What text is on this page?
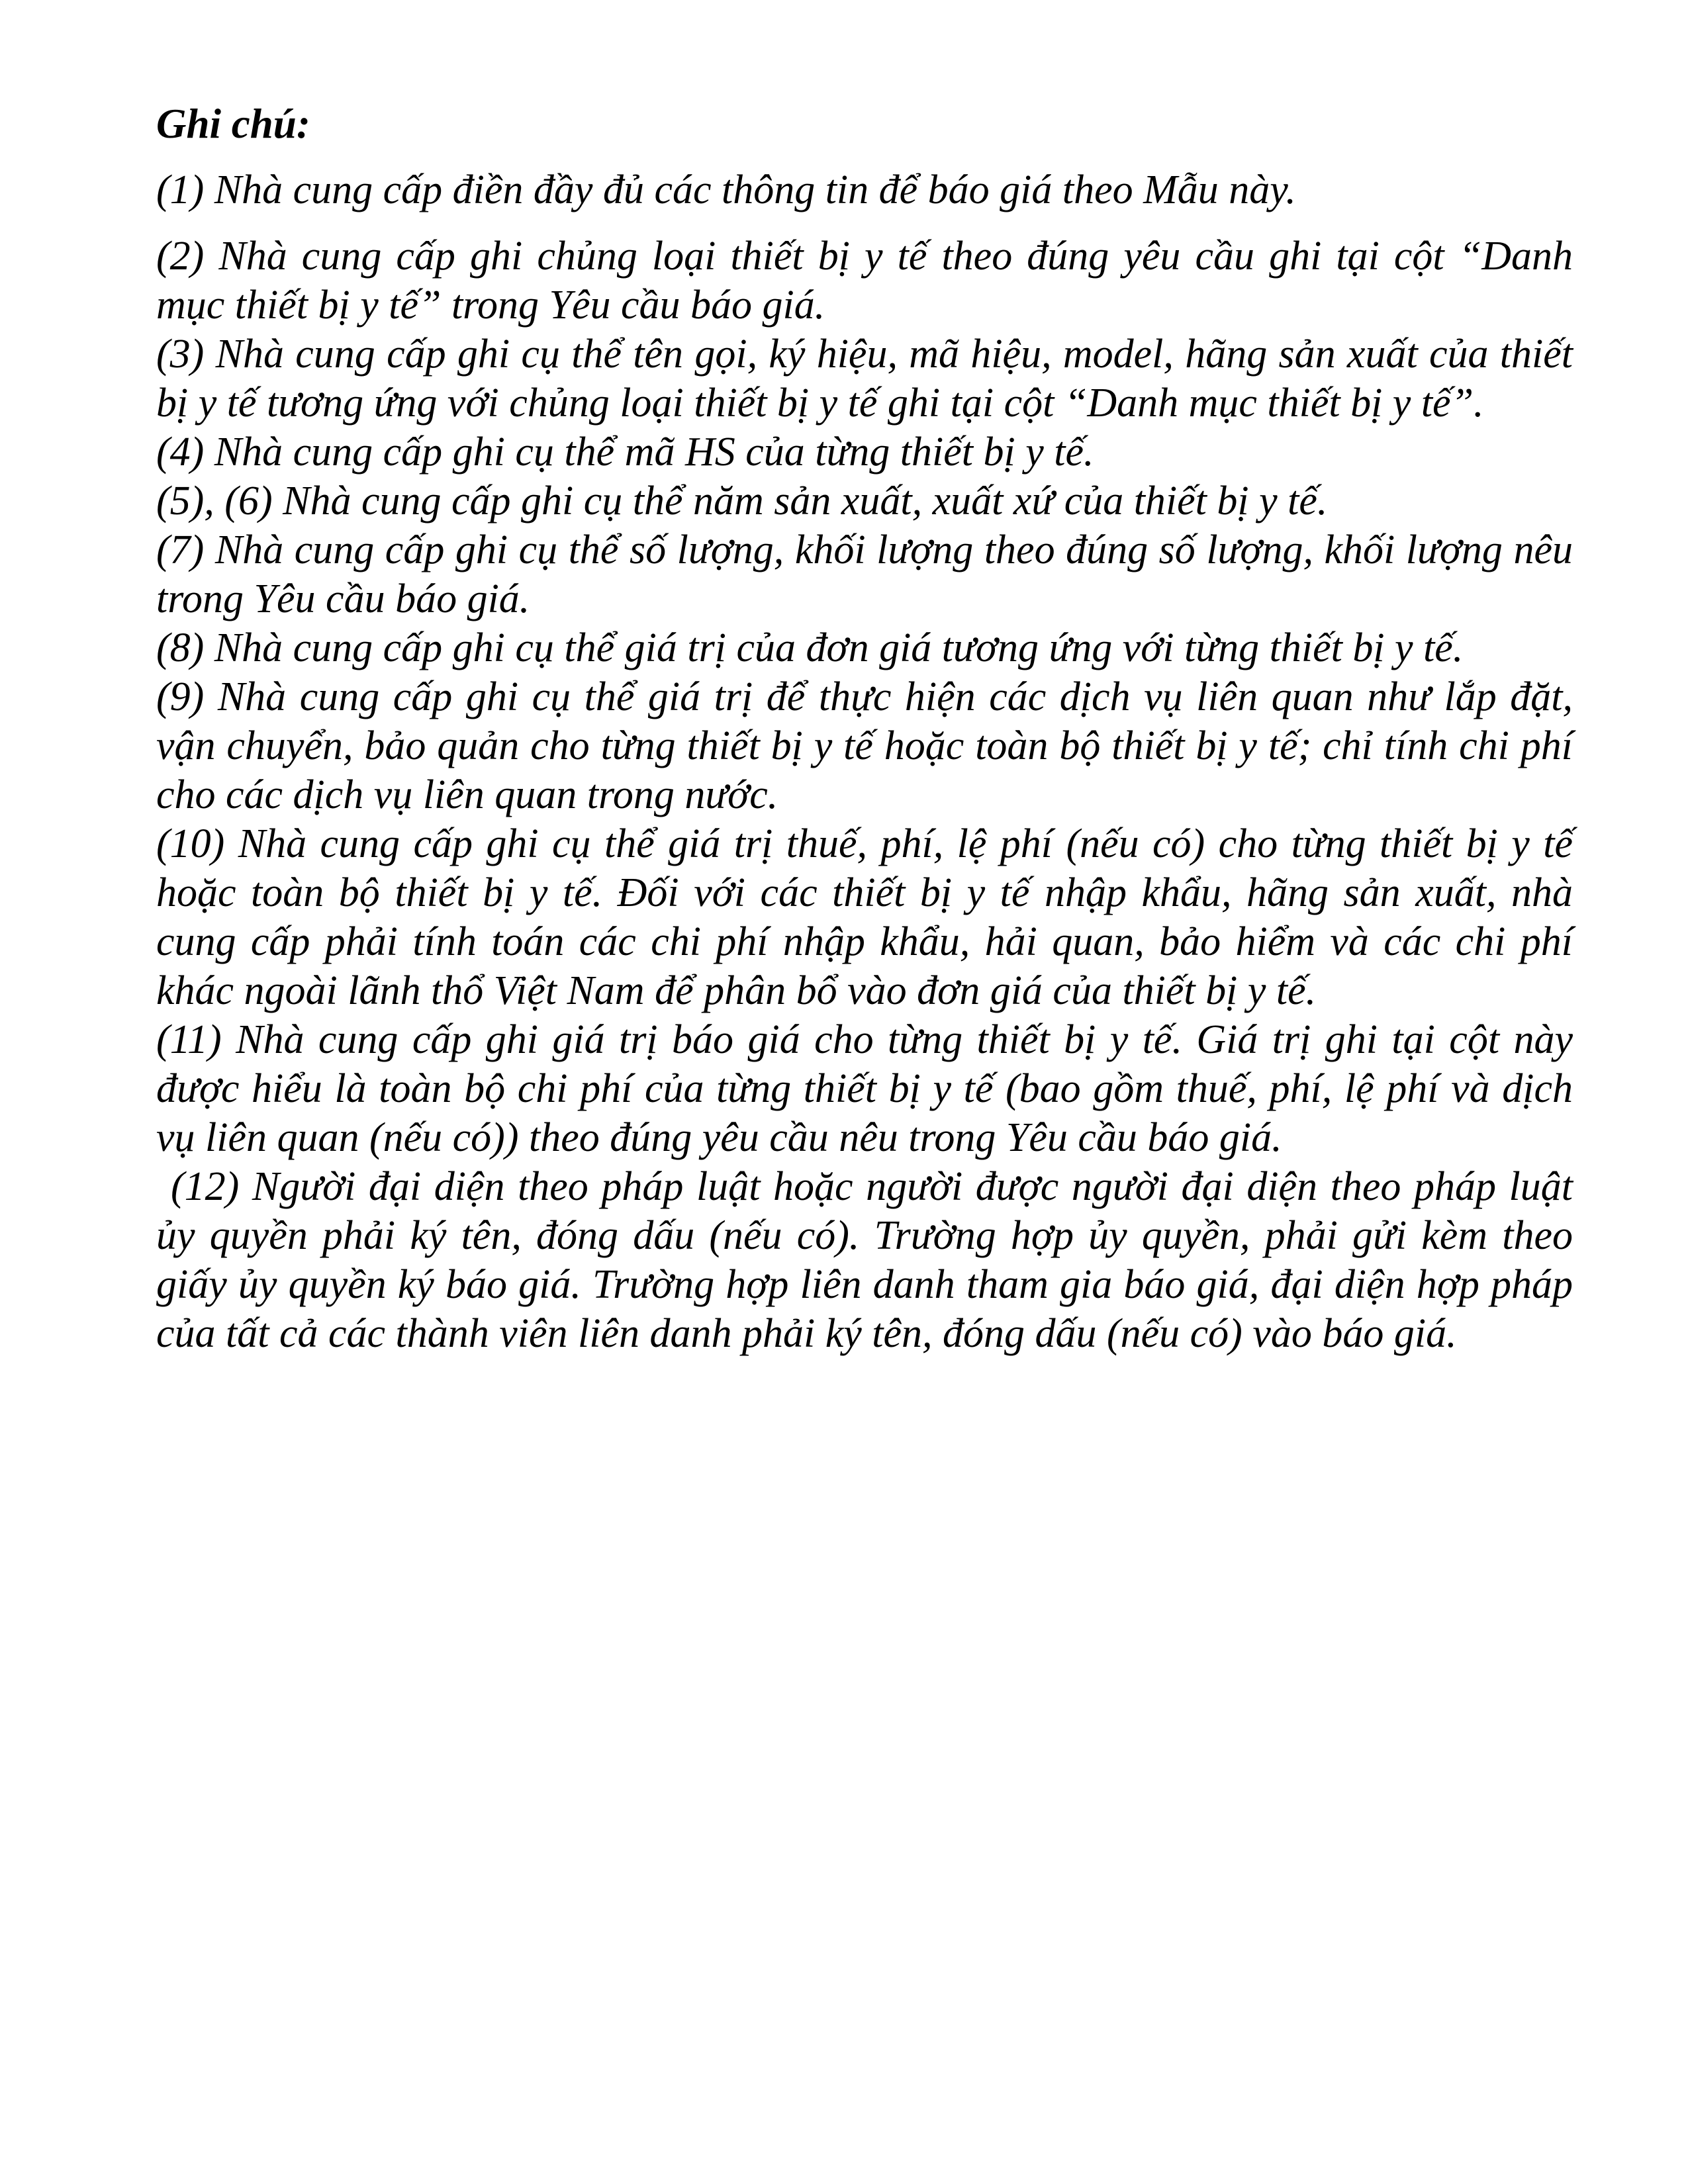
Ghi chú:

(1) Nhà cung cấp điền đầy đủ các thông tin để báo giá theo Mẫu này.

(2) Nhà cung cấp ghi chủng loại thiết bị y tế theo đúng yêu cầu ghi tại cột “Danh mục thiết bị y tế” trong Yêu cầu báo giá.

(3) Nhà cung cấp ghi cụ thể tên gọi, ký hiệu, mã hiệu, model, hãng sản xuất của thiết bị y tế tương ứng với chủng loại thiết bị y tế ghi tại cột “Danh mục thiết bị y tế”.

(4) Nhà cung cấp ghi cụ thể mã HS của từng thiết bị y tế.

(5), (6) Nhà cung cấp ghi cụ thể năm sản xuất, xuất xứ của thiết bị y tế.

(7) Nhà cung cấp ghi cụ thể số lượng, khối lượng theo đúng số lượng, khối lượng nêu trong Yêu cầu báo giá.

(8) Nhà cung cấp ghi cụ thể giá trị của đơn giá tương ứng với từng thiết bị y tế.

(9) Nhà cung cấp ghi cụ thể giá trị để thực hiện các dịch vụ liên quan như lắp đặt, vận chuyển, bảo quản cho từng thiết bị y tế hoặc toàn bộ thiết bị y tế; chỉ tính chi phí cho các dịch vụ liên quan trong nước.

(10) Nhà cung cấp ghi cụ thể giá trị thuế, phí, lệ phí (nếu có) cho từng thiết bị y tế hoặc toàn bộ thiết bị y tế. Đối với các thiết bị y tế nhập khẩu, hãng sản xuất, nhà cung cấp phải tính toán các chi phí nhập khẩu, hải quan, bảo hiểm và các chi phí khác ngoài lãnh thổ Việt Nam để phân bổ vào đơn giá của thiết bị y tế.

(11) Nhà cung cấp ghi giá trị báo giá cho từng thiết bị y tế. Giá trị ghi tại cột này được hiểu là toàn bộ chi phí của từng thiết bị y tế (bao gồm thuế, phí, lệ phí và dịch vụ liên quan (nếu có)) theo đúng yêu cầu nêu trong Yêu cầu báo giá.

(12) Người đại diện theo pháp luật hoặc người được người đại diện theo pháp luật ủy quyền phải ký tên, đóng dấu (nếu có). Trường hợp ủy quyền, phải gửi kèm theo giấy ủy quyền ký báo giá. Trường hợp liên danh tham gia báo giá, đại diện hợp pháp của tất cả các thành viên liên danh phải ký tên, đóng dấu (nếu có) vào báo giá.
